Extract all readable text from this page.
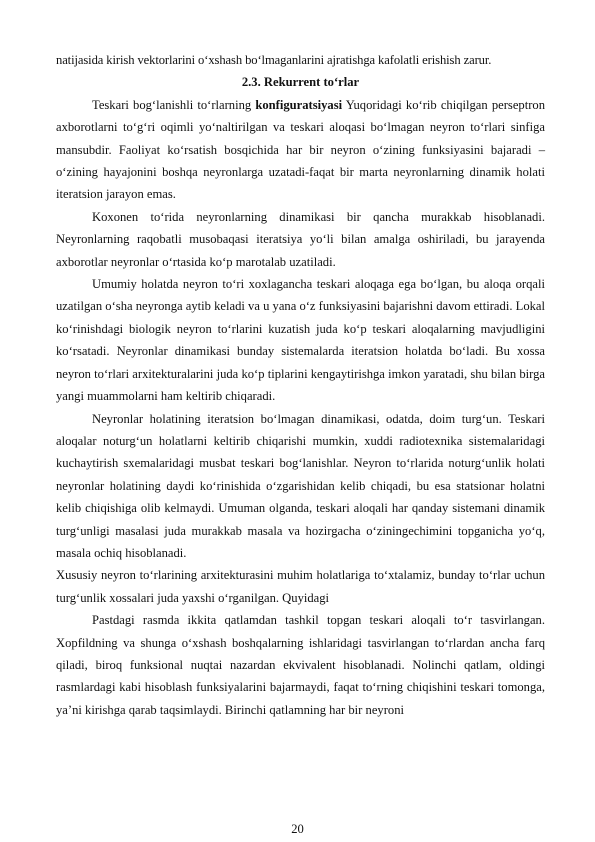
natijasida kirish vektorlarini o‘xshash bo‘lmaganlarini ajratishga kafolatli erishish zarur.
2.3. Rekurrent to‘rlar

Teskari bog‘lanishli to‘rlarning konfiguratsiyasi Yuqoridagi ko‘rib chiqilgan perseptron axborotlarni to‘g‘ri oqimli yo‘naltirilgan va teskari aloqasi bo‘lmagan neyron to‘rlari sinfiga mansubdir. Faoliyat ko‘rsatish bosqichida har bir neyron o‘zining funksiyasini bajaradi – o‘zining hayajonini boshqa neyronlarga uzatadi-faqat bir marta neyronlarning dinamik holati iteratsion jarayon emas.

Koxonen to‘rida neyronlarning dinamikasi bir qancha murakkab hisoblanadi. Neyronlarning raqobatli musobaqasi iteratsiya yo‘li bilan amalga oshiriladi, bu jarayenda axborotlar neyronlar o‘rtasida ko‘p marotalab uzatiladi.

Umumiy holatda neyron to‘ri xoxlagancha teskari aloqaga ega bo‘lgan, bu aloqa orqali uzatilgan o‘sha neyronga aytib keladi va u yana o‘z funksiyasini bajarishni davom ettiradi. Lokal ko‘rinishdagi biologik neyron to‘rlarini kuzatish juda ko‘p teskari aloqalarning mavjudligini ko‘rsatadi. Neyronlar dinamikasi bunday sistemalarda iteratsion holatda bo‘ladi. Bu xossa neyron to‘rlari arxitekturalarini juda ko‘p tiplarini kengaytirishga imkon yaratadi, shu bilan birga yangi muammolarni ham keltirib chiqaradi.

Neyronlar holatining iteratsion bo‘lmagan dinamikasi, odatda, doim turg‘un. Teskari aloqalar noturg‘un holatlarni keltirib chiqarishi mumkin, xuddi radiotexnika sistemalaridagi kuchaytirish sxemalaridagi musbat teskari bog‘lanishlar. Neyron to‘rlarida noturg‘unlik holati neyronlar holatining daydi ko‘rinishida o‘zgarishidan kelib chiqadi, bu esa statsionar holatni kelib chiqishiga olib kelmaydi. Umuman olganda, teskari aloqali har qanday sistemani dinamik turg‘unligi masalasi juda murakkab masala va hozirgacha o‘ziningechimini topganicha yo‘q, masala ochiq hisoblanadi.

Xususiy neyron to‘rlarining arxitekturasini muhim holatlariga to‘xtalamiz, bunday to‘rlar uchun turg‘unlik xossalari juda yaxshi o‘rganilgan. Quyidagi

Pastdagi rasmda ikkita qatlamdan tashkil topgan teskari aloqali to‘r tasvirlangan. Xopfildning va shunga o‘xshash boshqalarning ishlaridagi tasvirlangan to‘rlardan ancha farq qiladi, biroq funksional nuqtai nazardan ekvivalent hisoblanadi. Nolinchi qatlam, oldingi rasmlardagi kabi hisoblash funksiyalarini bajarmaydi, faqat to‘rning chiqishini teskari tomonga, ya’ni kirishga qarab taqsimlaydi. Birinchi qatlamning har bir neyroni

20
